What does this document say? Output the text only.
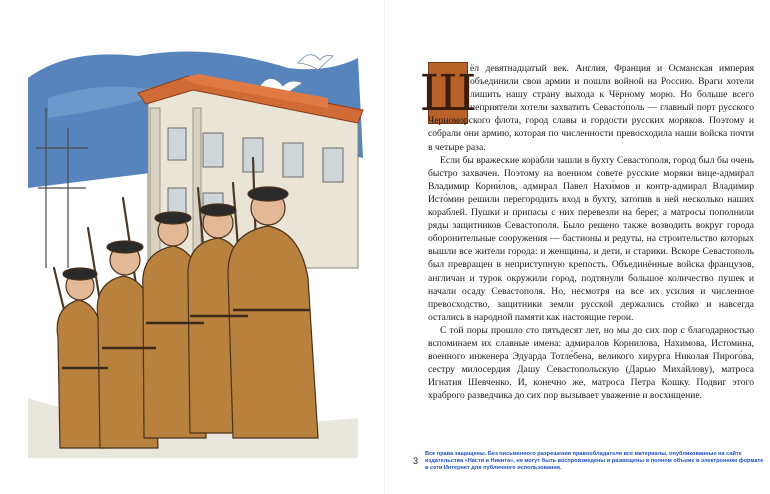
Ш

ёл девятнадцатый век. Англия, Франция и Османская империя объединили свои армии и пошли войной на Россию. Враги хотели лишить нашу страну выхода к Чёрному морю. Но больше всего неприятели хотели захватить Севасто́поль — главный порт русского Черноморского флота, город славы и гордости русских моряков. Поэтому и собрали они армию, которая по численности превосходила наши войска почти в четыре раза.

Если бы вражеские корабли зашли в бухту Севастополя, город был бы очень быстро захвачен. Поэтому на военном совете русские моряки вице-адмирал Владимир Корни́лов, адмирал Павел Нахи́мов и контр-адмирал Владимир Исто́мин решили перегородить вход в бухту, затопив в ней несколько наших кораблей. Пушки и припасы с них перевезли на берег, а матросы пополнили ряды защитников Севастополя. Было решено также возводить вокруг города оборонительные сооружения — бастионы и редуты, на строительство которых вышли все жители города: и женщины, и дети, и старики. Вскоре Севастополь был превращен в неприступную крепость. Объединённые войска французов, англичан и турок окружили город, подтянули большое количество пушек и начали осаду Севастополя. Но, несмотря на все их усилия и численное превосходство, защитники земли русской держались стойко и навсегда остались в народной памяти как настоящие герои.

С той поры прошло сто пятьдесят лет, но мы до сих пор с благодарностью вспоминаем их славные имена: адмиралов Корнилова, Нахимова, Истомина, военного инженера Эдуарда Тотле́бена, великого хирурга Николая Пирого́ва, сестру милосердия Дашу Севастопольскую (Дарью Миха́йлову), матроса Игнатия Шевченко. И, конечно же, матроса Петра Кошку. Подвиг этого храброго разведчика до сих пор вызывает уважение и восхищение.

3
Все права защищены. Без письменного разрешения правообладателя все материалы, опубликованные на сайте издательства «Настя и Никита», не могут быть воспроизведены и размещены в полном объеме в электронном формате в сети Интернет для публичного использования.
